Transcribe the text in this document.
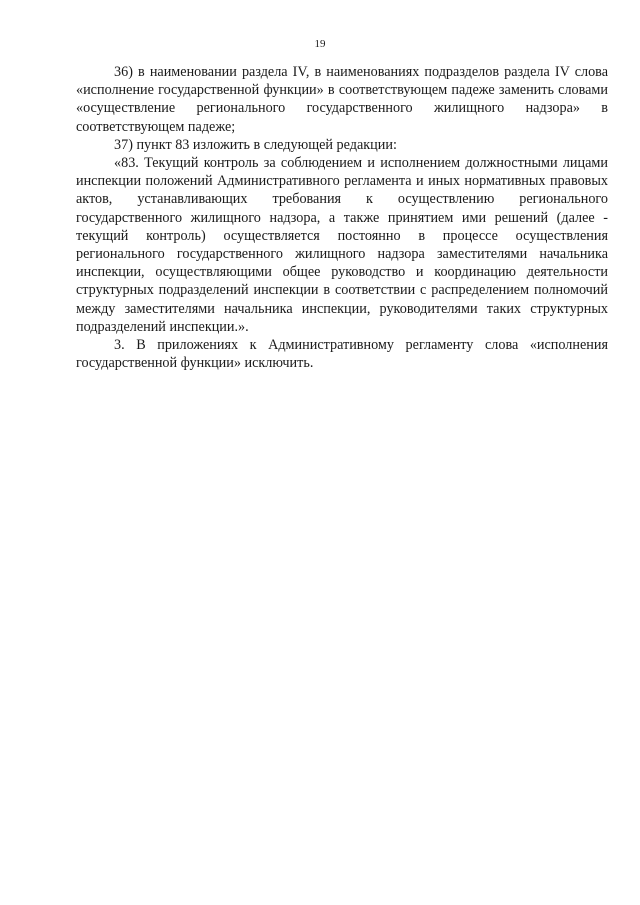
19

36) в наименовании раздела IV, в наименованиях подразделов раздела IV слова «исполнение государственной функции» в соответствующем падеже заменить словами «осуществление регионального государственного жилищного надзора» в соответствующем падеже;

37) пункт 83 изложить в следующей редакции:

«83. Текущий контроль за соблюдением и исполнением должностными лицами инспекции положений Административного регламента и иных нормативных правовых актов, устанавливающих требования к осуществлению регионального государственного жилищного надзора, а также принятием ими решений (далее - текущий контроль) осуществляется постоянно в процессе осуществления регионального государственного жилищного надзора заместителями начальника инспекции, осуществляющими общее руководство и координацию деятельности структурных подразделений инспекции в соответствии с распределением полномочий между заместителями начальника инспекции, руководителями таких структурных подразделений инспекции.».

3. В приложениях к Административному регламенту слова «исполнения государственной функции» исключить.
